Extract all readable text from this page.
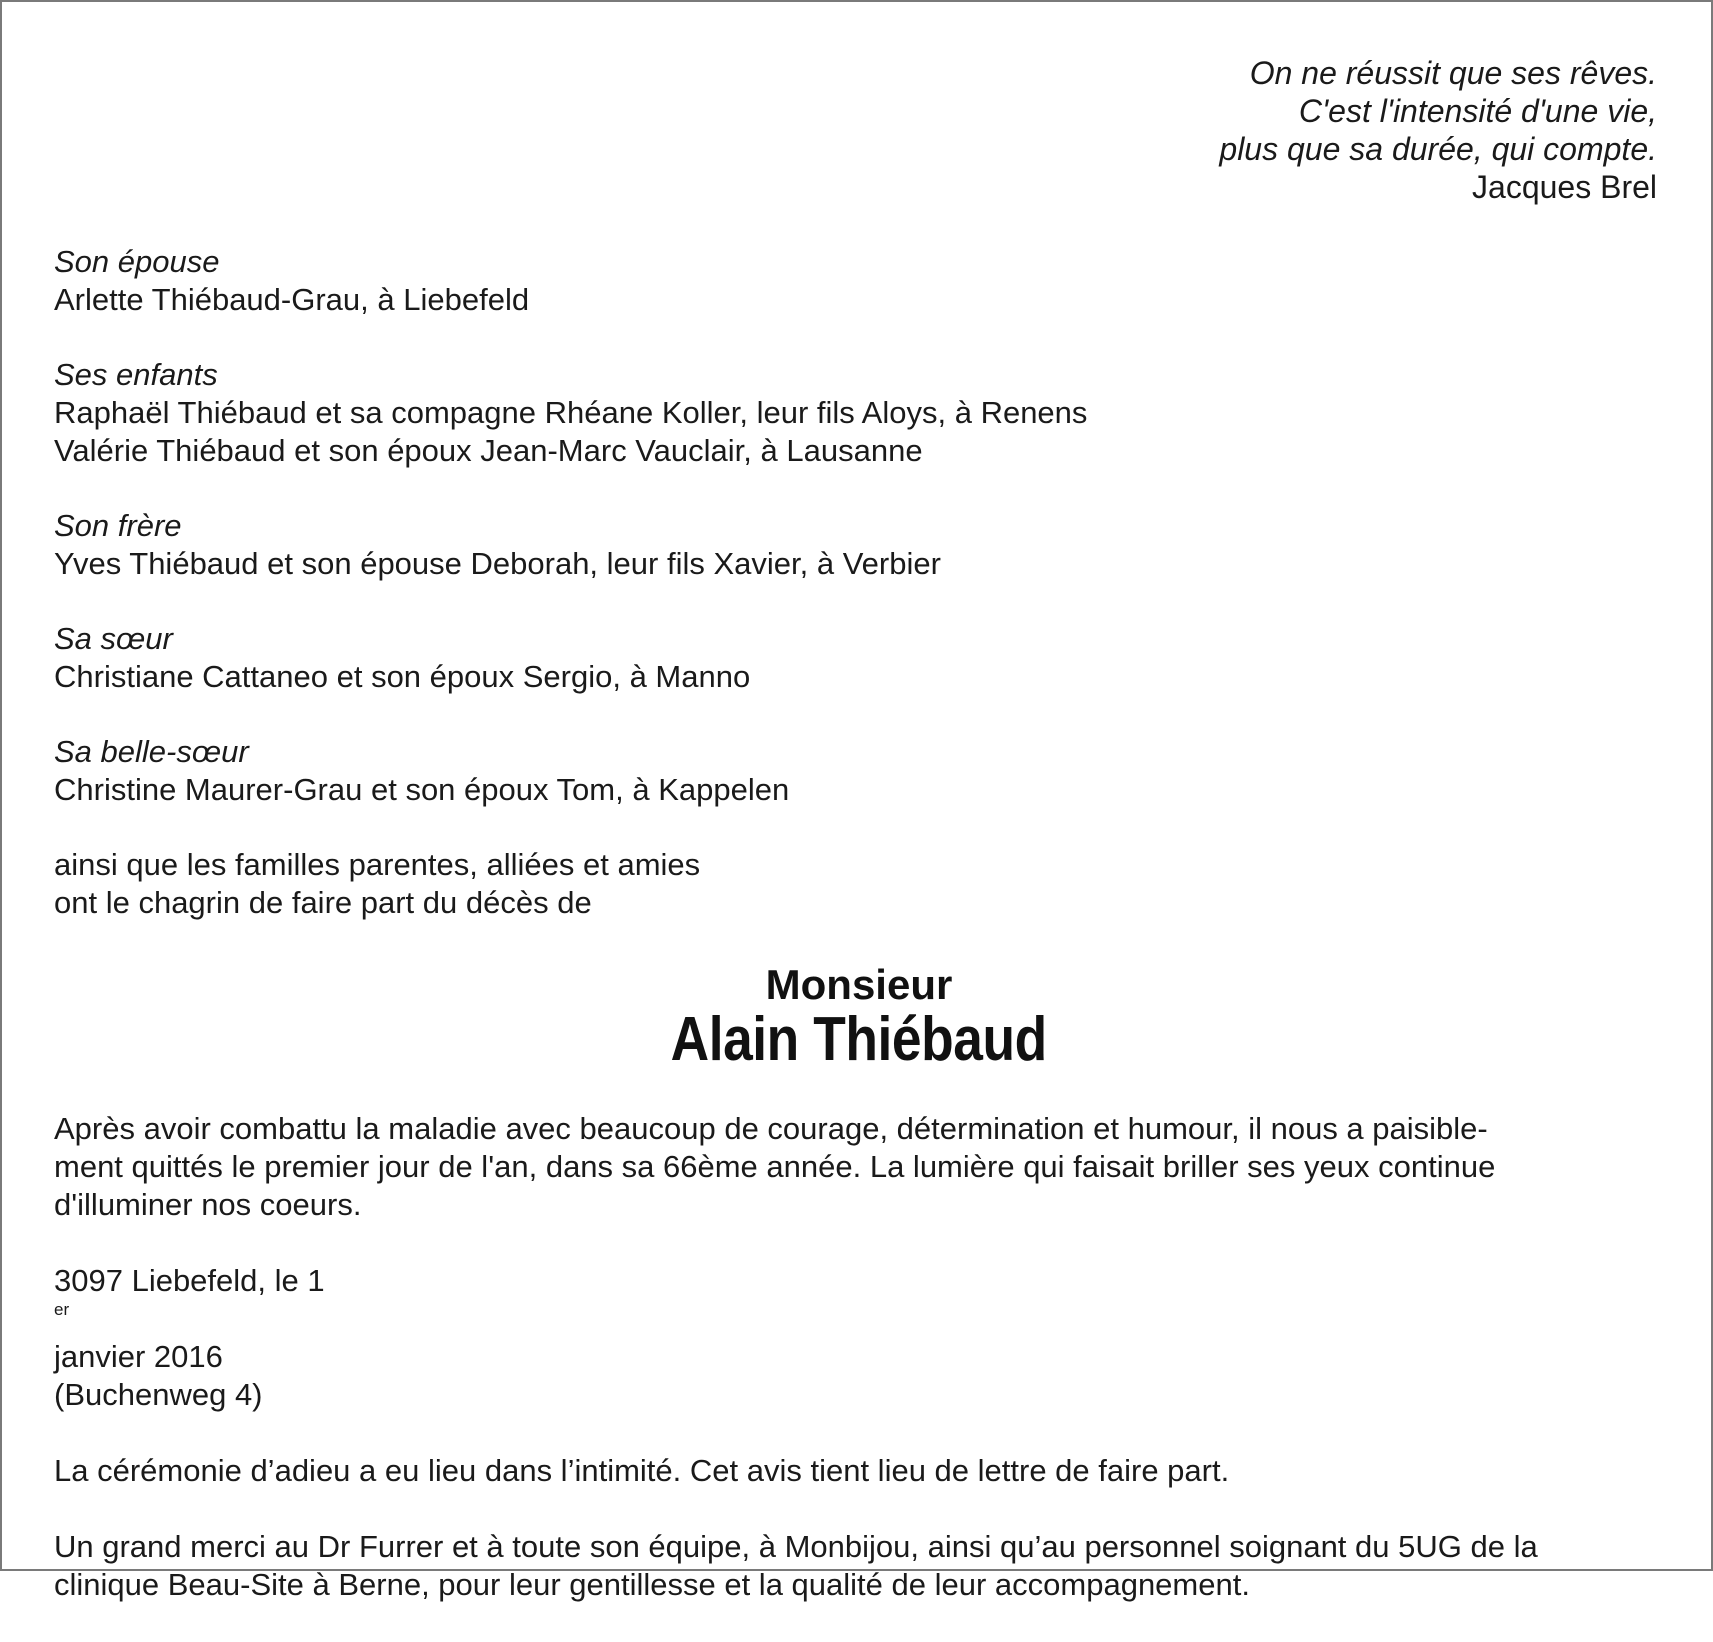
On ne réussit que ses rêves.
C'est l'intensité d'une vie,
plus que sa durée, qui compte.
Jacques Brel
Son épouse
Arlette Thiébaud-Grau, à Liebefeld
Ses enfants
Raphaël Thiébaud et sa compagne Rhéane Koller, leur fils Aloys, à Renens
Valérie Thiébaud et son époux Jean-Marc Vauclair, à Lausanne
Son frère
Yves Thiébaud et son épouse Deborah, leur fils Xavier, à Verbier
Sa sœur
Christiane Cattaneo et son époux Sergio, à Manno
Sa belle-sœur
Christine Maurer-Grau et son époux Tom, à Kappelen
ainsi que les familles parentes, alliées et amies
ont le chagrin de faire part du décès de
Monsieur
Alain Thiébaud
Après avoir combattu la maladie avec beaucoup de courage, détermination et humour, il nous a paisible-
ment quittés le premier jour de l'an, dans sa 66ème année. La lumière qui faisait briller ses yeux continue
d'illuminer nos coeurs.
3097 Liebefeld, le 1
$^{er}$
janvier 2016
(Buchenweg 4)
La cérémonie d’adieu a eu lieu dans l’intimité. Cet avis tient lieu de lettre de faire part.
Un grand merci au Dr Furrer et à toute son équipe, à Monbijou, ainsi qu’au personnel soignant du 5UG de la
clinique Beau-Site à Berne, pour leur gentillesse et la qualité de leur accompagnement.
